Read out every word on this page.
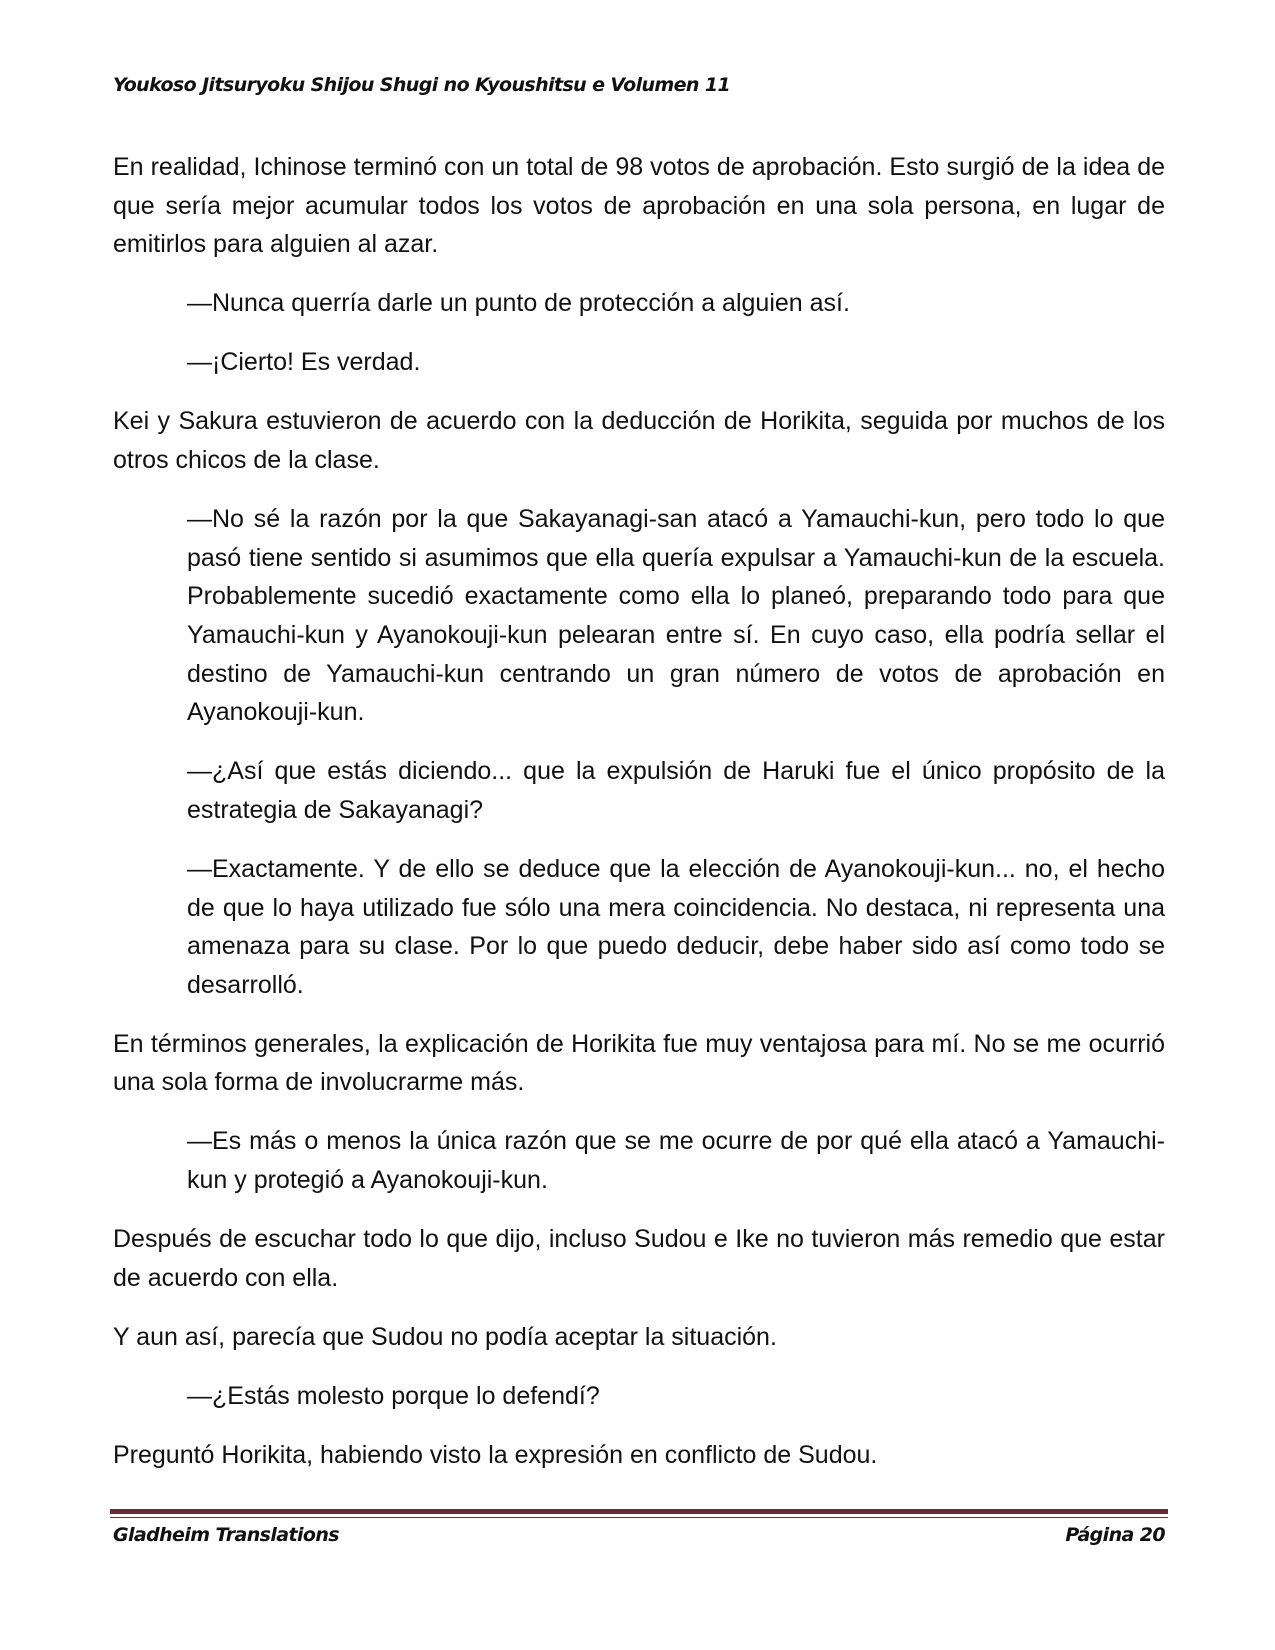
Youkoso Jitsuryoku Shijou Shugi no Kyoushitsu e Volumen 11

En realidad, Ichinose terminó con un total de 98 votos de aprobación. Esto surgió de la idea de que sería mejor acumular todos los votos de aprobación en una sola persona, en lugar de emitirlos para alguien al azar.

—Nunca querría darle un punto de protección a alguien así.

—¡Cierto! Es verdad.

Kei y Sakura estuvieron de acuerdo con la deducción de Horikita, seguida por muchos de los otros chicos de la clase.

—No sé la razón por la que Sakayanagi-san atacó a Yamauchi-kun, pero todo lo que pasó tiene sentido si asumimos que ella quería expulsar a Yamauchi-kun de la escuela. Probablemente sucedió exactamente como ella lo planeó, preparando todo para que Yamauchi-kun y Ayanokouji-kun pelearan entre sí. En cuyo caso, ella podría sellar el destino de Yamauchi-kun centrando un gran número de votos de aprobación en Ayanokouji-kun.

—¿Así que estás diciendo... que la expulsión de Haruki fue el único propósito de la estrategia de Sakayanagi?

—Exactamente. Y de ello se deduce que la elección de Ayanokouji-kun... no, el hecho de que lo haya utilizado fue sólo una mera coincidencia. No destaca, ni representa una amenaza para su clase. Por lo que puedo deducir, debe haber sido así como todo se desarrolló.

En términos generales, la explicación de Horikita fue muy ventajosa para mí. No se me ocurrió una sola forma de involucrarme más.

—Es más o menos la única razón que se me ocurre de por qué ella atacó a Yamauchi-kun y protegió a Ayanokouji-kun.

Después de escuchar todo lo que dijo, incluso Sudou e Ike no tuvieron más remedio que estar de acuerdo con ella.

Y aun así, parecía que Sudou no podía aceptar la situación.

—¿Estás molesto porque lo defendí?

Preguntó Horikita, habiendo visto la expresión en conflicto de Sudou.

Gladheim Translations	Página 20
